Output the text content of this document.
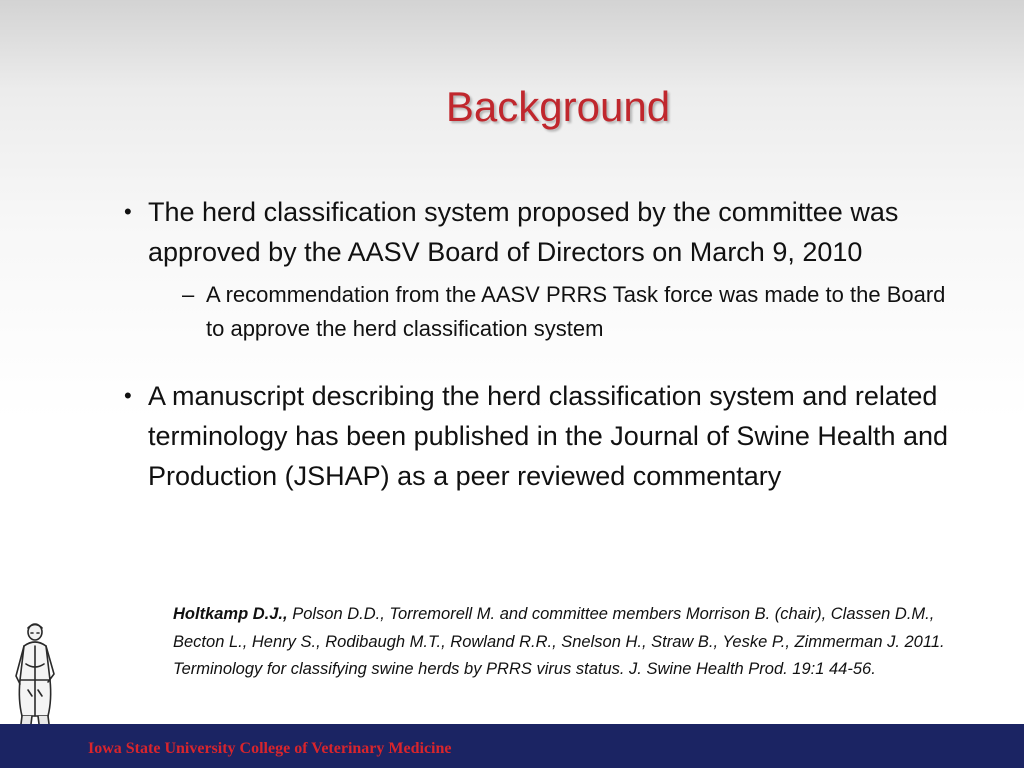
Background
• The herd classification system proposed by the committee was approved by the AASV Board of Directors on March 9, 2010
– A recommendation from the AASV PRRS Task force was made to the Board to approve the herd classification system
• A manuscript describing the herd classification system and related terminology has been published in the Journal of Swine Health and Production (JSHAP) as a peer reviewed commentary
Holtkamp D.J., Polson D.D., Torremorell M. and committee members Morrison B. (chair), Classen D.M., Becton L., Henry S., Rodibaugh M.T., Rowland R.R., Snelson H., Straw B., Yeske P., Zimmerman J. 2011. Terminology for classifying swine herds by PRRS virus status. J. Swine Health Prod. 19:1 44-56.
Iowa State University College of Veterinary Medicine
